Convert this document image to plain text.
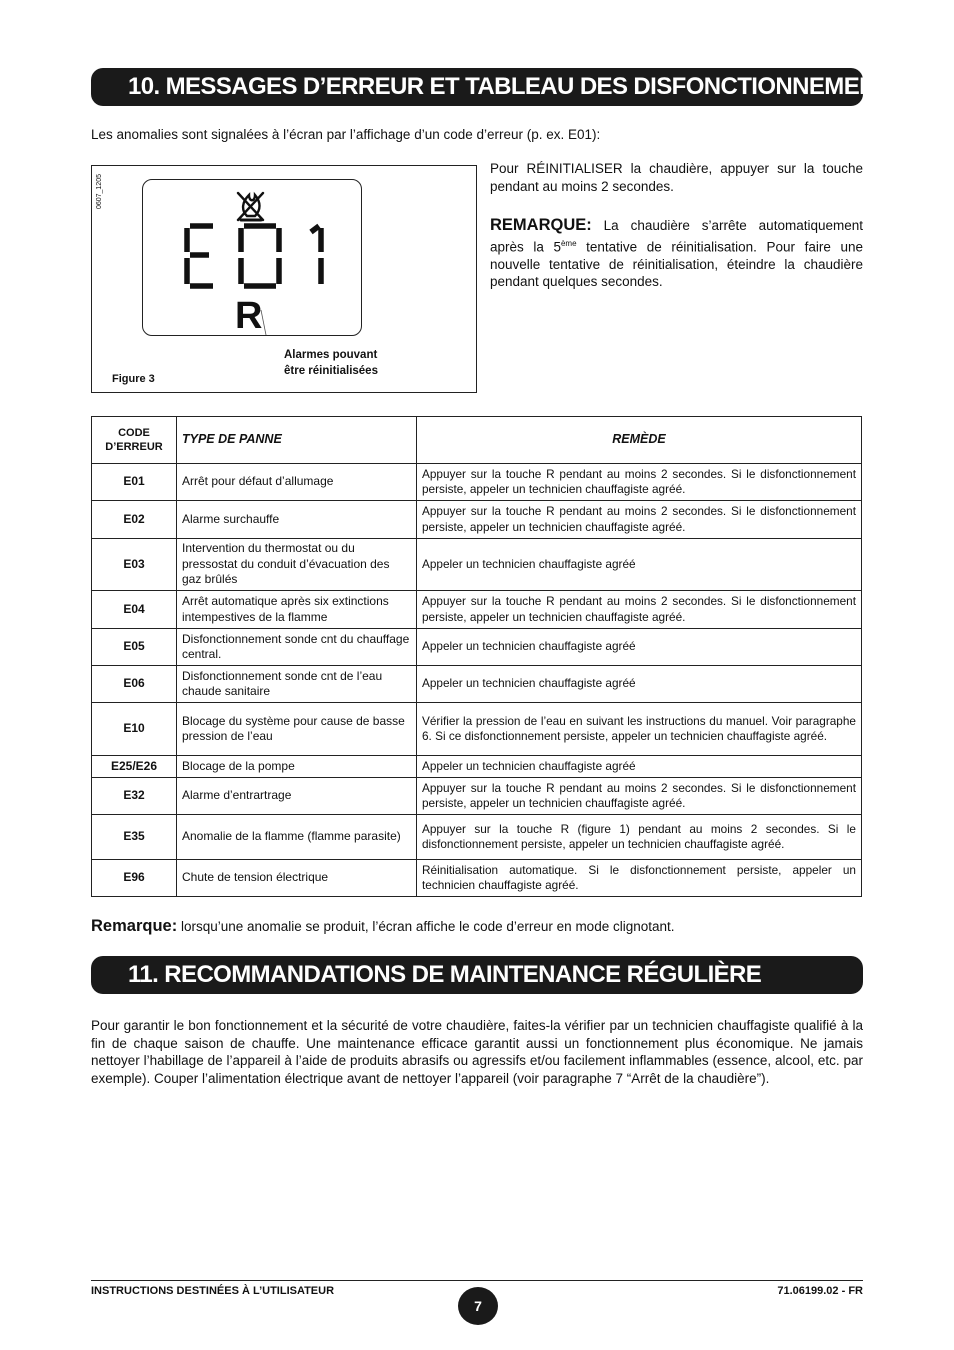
10. MESSAGES D’ERREUR ET TABLEAU DES DISFONCTIONNEMENTS
Les anomalies sont signalées à l’écran par l’affichage d’un code d’erreur (p. ex. E01):
0607_1205
R
Alarmes pouvant
être réinitialisées
Figure 3
Pour RÉINITIALISER la chaudière, appuyer sur la touche pendant au moins 2 secondes.
REMARQUE: La chaudière s’arrête automatiquement après la 5ème tentative de réinitialisation. Pour faire une nouvelle tentative de réinitialisation, éteindre la chaudière pendant quelques secondes.
CODE
D’ERREUR	TYPE DE PANNE	REMÈDE
E01	Arrêt pour défaut d’allumage	Appuyer sur la touche R pendant au moins 2 secondes. Si le disfonctionnement persiste, appeler un technicien chauffagiste agréé.
E02	Alarme surchauffe	Appuyer sur la touche R pendant au moins 2 secondes. Si le disfonctionnement persiste, appeler un technicien chauffagiste agréé.
E03	Intervention du thermostat ou du pressostat du conduit d’évacuation des gaz brûlés	Appeler un technicien chauffagiste agréé
E04	Arrêt automatique après six extinctions intempestives de la flamme	Appuyer sur la touche R pendant au moins 2 secondes. Si le disfonctionnement persiste, appeler un technicien chauffagiste agréé.
E05	Disfonctionnement sonde cnt du chauffage central.	Appeler un technicien chauffagiste agréé
E06	Disfonctionnement sonde cnt de l’eau chaude sanitaire	Appeler un technicien chauffagiste agréé
E10	Blocage du système pour cause de basse pression de l’eau	Vérifier la pression de l’eau en suivant les instructions du manuel. Voir paragraphe 6. Si ce disfonctionnement persiste, appeler un technicien chauffagiste agréé.
E25/E26	Blocage de la pompe	Appeler un technicien chauffagiste agréé
E32	Alarme d’entrartrage	Appuyer sur la touche R pendant au moins 2 secondes. Si le disfonctionnement persiste, appeler un technicien chauffagiste agréé.
E35	Anomalie de la flamme (flamme parasite)	Appuyer sur la touche R (figure 1) pendant au moins 2 secondes. Si le disfonctionnement persiste, appeler un technicien chauffagiste agréé.
E96	Chute de tension électrique	Réinitialisation automatique. Si le disfonctionnement persiste, appeler un technicien chauffagiste agréé.
Remarque: lorsqu’une anomalie se produit, l’écran affiche le code d’erreur en mode clignotant.
11. RECOMMANDATIONS DE MAINTENANCE RÉGULIÈRE
Pour garantir le bon fonctionnement et la sécurité de votre chaudière, faites-la vérifier par un technicien chauffagiste qualifié à la fin de chaque saison de chauffe. Une maintenance efficace garantit aussi un fonctionnement plus économique. Ne jamais nettoyer l’habillage de l’appareil à l’aide de produits abrasifs ou agressifs et/ou facilement inflammables (essence, alcool, etc. par exemple). Couper l’alimentation électrique avant de nettoyer l’appareil (voir paragraphe 7 “Arrêt de la chaudière”).
INSTRUCTIONS DESTINÉES À L’UTILISATEUR
7
71.06199.02 - FR
